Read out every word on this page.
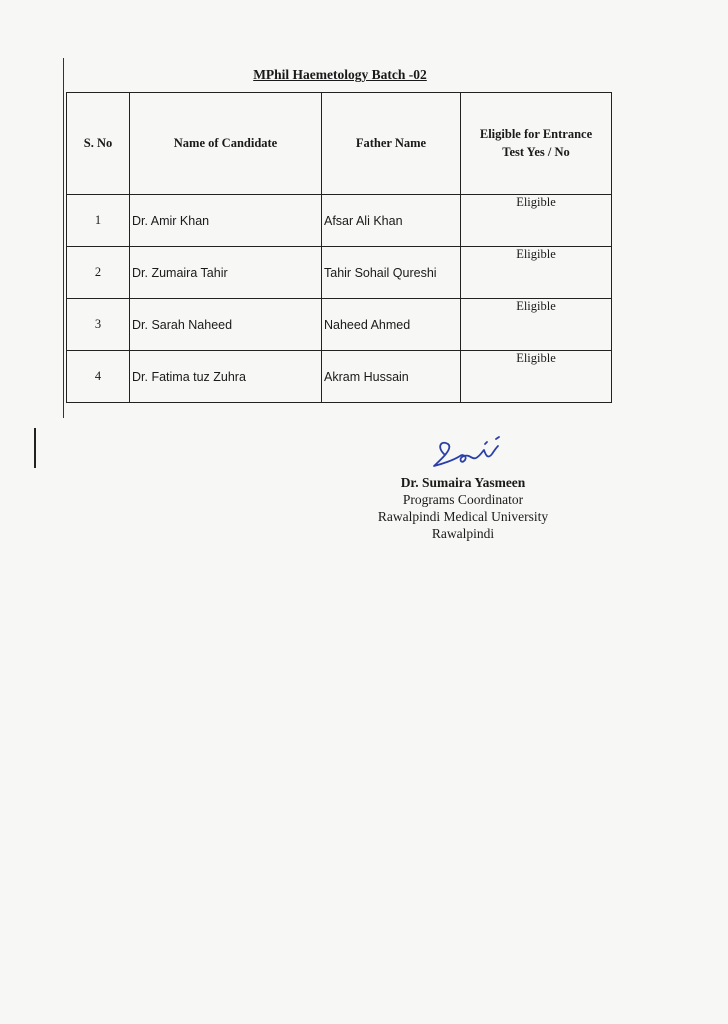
MPhil Haemetology Batch -02
S. No	Name of Candidate	Father Name	Eligible for Entrance
Test Yes / No
1	Dr. Amir Khan	Afsar Ali Khan	Eligible
2	Dr. Zumaira Tahir	Tahir Sohail Qureshi	Eligible
3	Dr. Sarah Naheed	Naheed Ahmed	Eligible
4	Dr. Fatima tuz Zuhra	Akram Hussain	Eligible
Dr. Sumaira Yasmeen
Programs Coordinator
Rawalpindi Medical University
Rawalpindi
